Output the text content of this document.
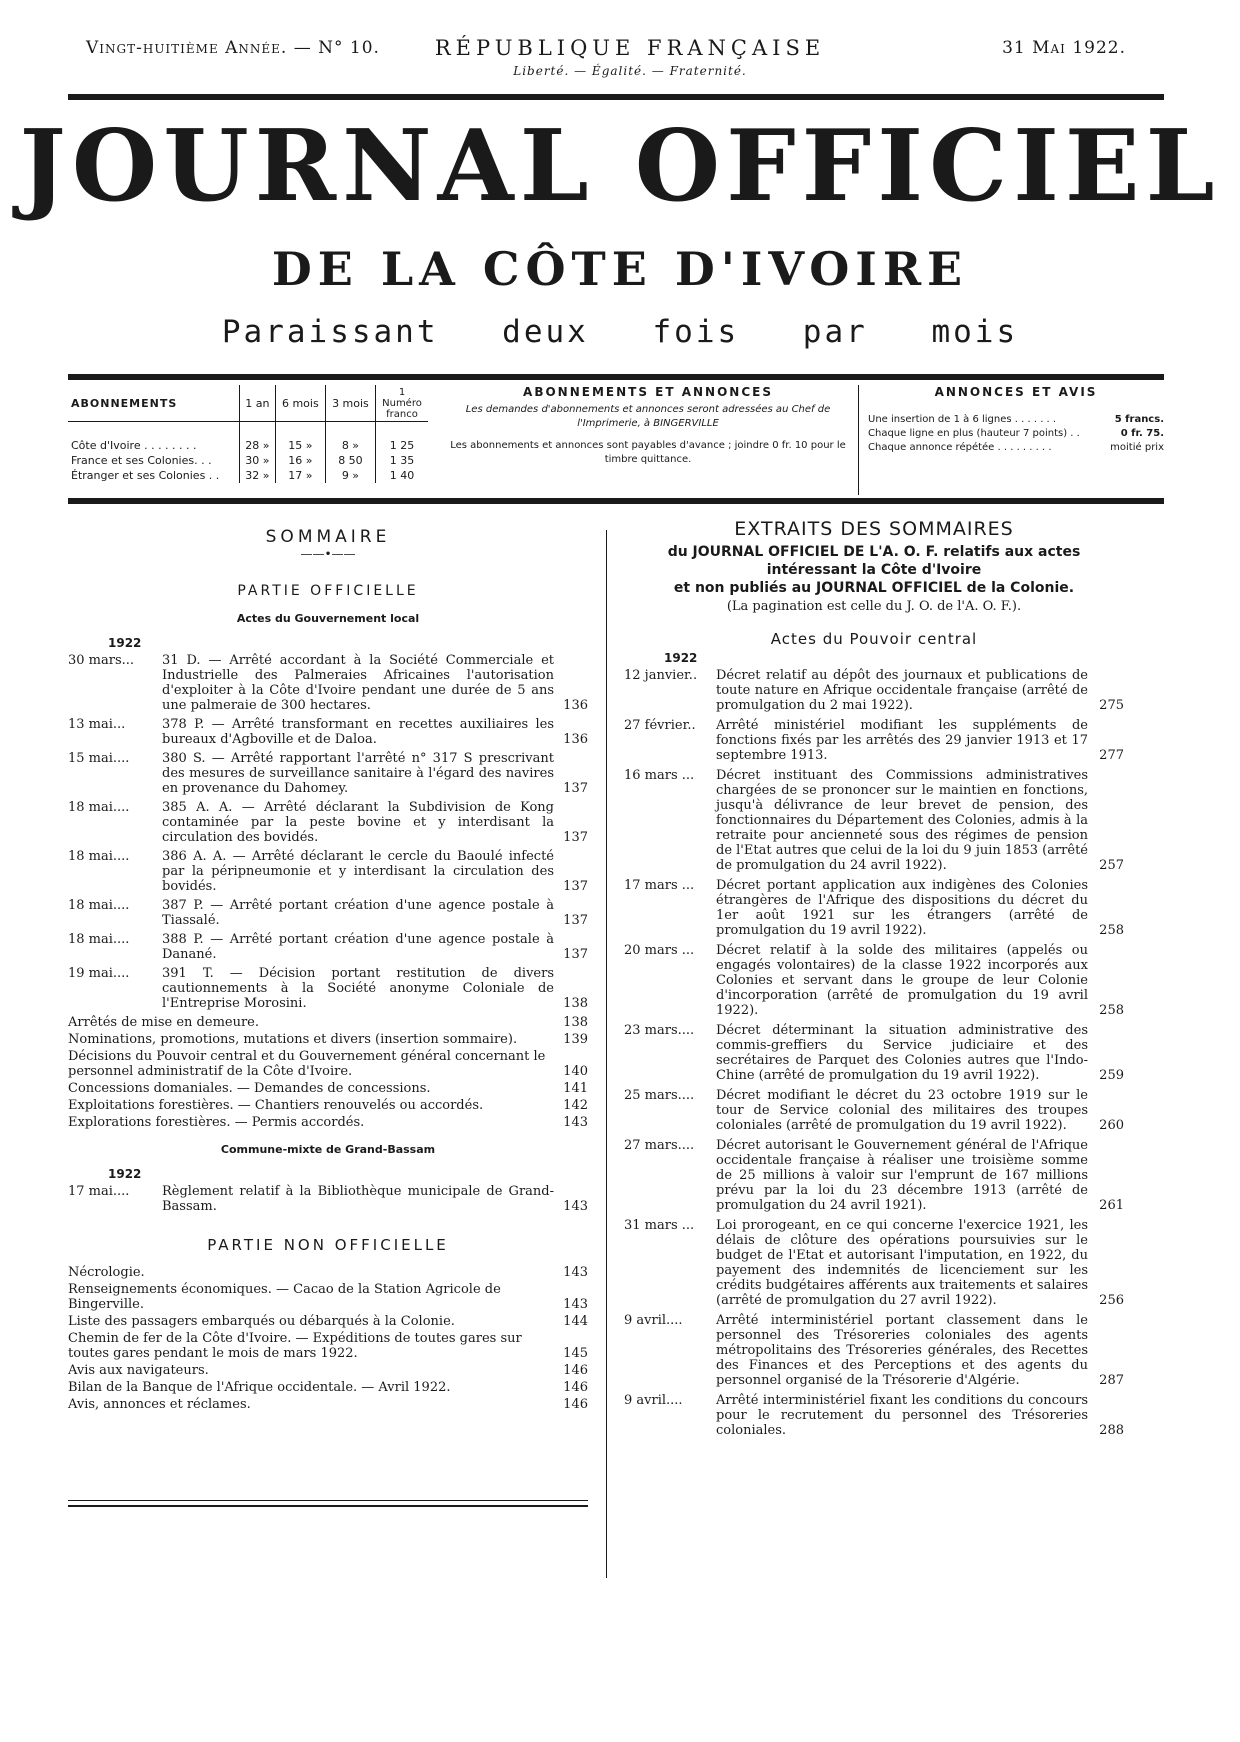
Vingt-huitième Année. — N° 10.	RÉPUBLIQUE FRANÇAISE
Liberté. — Égalité. — Fraternité.
31 Mai 1922.
JOURNAL OFFICIEL
DE LA CÔTE D'IVOIRE
Paraissant deux fois par mois
ABONNEMENTS	1 an	6 mois	3 mois	1 Numéro franco

Côte d'Ivoire . . . . . . . .	28 »	15 »	8 »	1 25
France et ses Colonies. . .	30 »	16 »	8 50	1 35
Étranger et ses Colonies . .	32 »	17 »	9 »	1 40
ABONNEMENTS ET ANNONCES
Les demandes d'abonnements et annonces seront adressées au Chef de l'Imprimerie, à BINGERVILLE
Les abonnements et annonces sont payables d'avance ; joindre 0 fr. 10 pour le timbre quittance.
ANNONCES ET AVIS
Une insertion de 1 à 6 lignes . . . . . . .	5 francs.
Chaque ligne en plus (hauteur 7 points) . .	0 fr. 75.
Chaque annonce répétée . . . . . . . . .	moitié prix
SOMMAIRE
——•——
PARTIE OFFICIELLE
Actes du Gouvernement local
1922
30 mars...	31 D. — Arrêté accordant à la Société Commerciale et Industrielle des Palmeraies Africaines l'autorisation d'exploiter à la Côte d'Ivoire pendant une durée de 5 ans une palmeraie de 300 hectares.	136
13 mai...	378 P. — Arrêté transformant en recettes auxiliaires les bureaux d'Agboville et de Daloa.	136
15 mai....	380 S. — Arrêté rapportant l'arrêté n° 317 S prescrivant des mesures de surveillance sanitaire à l'égard des navires en provenance du Dahomey.	137
18 mai....	385 A. A. — Arrêté déclarant la Subdivision de Kong contaminée par la peste bovine et y interdisant la circulation des bovidés.	137
18 mai....	386 A. A. — Arrêté déclarant le cercle du Baoulé infecté par la péripneumonie et y interdisant la circulation des bovidés.	137
18 mai....	387 P. — Arrêté portant création d'une agence postale à Tiassalé.	137
18 mai....	388 P. — Arrêté portant création d'une agence postale à Danané.	137
19 mai....	391 T. — Décision portant restitution de divers cautionnements à la Société anonyme Coloniale de l'Entreprise Morosini.	138
Arrêtés de mise en demeure.	138
Nominations, promotions, mutations et divers (insertion sommaire).	139
Décisions du Pouvoir central et du Gouvernement général concernant le personnel administratif de la Côte d'Ivoire.	140
Concessions domaniales. — Demandes de concessions.	141
Exploitations forestières. — Chantiers renouvelés ou accordés.	142
Explorations forestières. — Permis accordés.	143
Commune-mixte de Grand-Bassam
1922
17 mai....	Règlement relatif à la Bibliothèque municipale de Grand-Bassam.	143
PARTIE NON OFFICIELLE
Nécrologie.	143
Renseignements économiques. — Cacao de la Station Agricole de Bingerville.	143
Liste des passagers embarqués ou débarqués à la Colonie.	144
Chemin de fer de la Côte d'Ivoire. — Expéditions de toutes gares sur toutes gares pendant le mois de mars 1922.	145
Avis aux navigateurs.	146
Bilan de la Banque de l'Afrique occidentale. — Avril 1922.	146
Avis, annonces et réclames.	146
EXTRAITS DES SOMMAIRES
du JOURNAL OFFICIEL DE L'A. O. F. relatifs aux actes
intéressant la Côte d'Ivoire
et non publiés au JOURNAL OFFICIEL de la Colonie.
(La pagination est celle du J. O. de l'A. O. F.).
Actes du Pouvoir central
1922
12 janvier..	Décret relatif au dépôt des journaux et publications de toute nature en Afrique occidentale française (arrêté de promulgation du 2 mai 1922).	275
27 février..	Arrêté ministériel modifiant les suppléments de fonctions fixés par les arrêtés des 29 janvier 1913 et 17 septembre 1913.	277
16 mars ...	Décret instituant des Commissions administratives chargées de se prononcer sur le maintien en fonctions, jusqu'à délivrance de leur brevet de pension, des fonctionnaires du Département des Colonies, admis à la retraite pour ancienneté sous des régimes de pension de l'Etat autres que celui de la loi du 9 juin 1853 (arrêté de promulgation du 24 avril 1922).	257
17 mars ...	Décret portant application aux indigènes des Colonies étrangères de l'Afrique des dispositions du décret du 1er août 1921 sur les étrangers (arrêté de promulgation du 19 avril 1922).	258
20 mars ...	Décret relatif à la solde des militaires (appelés ou engagés volontaires) de la classe 1922 incorporés aux Colonies et servant dans le groupe de leur Colonie d'incorporation (arrêté de promulgation du 19 avril 1922).	258
23 mars....	Décret déterminant la situation administrative des commis-greffiers du Service judiciaire et des secrétaires de Parquet des Colonies autres que l'Indo-Chine (arrêté de promulgation du 19 avril 1922).	259
25 mars....	Décret modifiant le décret du 23 octobre 1919 sur le tour de Service colonial des militaires des troupes coloniales (arrêté de promulgation du 19 avril 1922).	260
27 mars....	Décret autorisant le Gouvernement général de l'Afrique occidentale française à réaliser une troisième somme de 25 millions à valoir sur l'emprunt de 167 millions prévu par la loi du 23 décembre 1913 (arrêté de promulgation du 24 avril 1921).	261
31 mars ...	Loi prorogeant, en ce qui concerne l'exercice 1921, les délais de clôture des opérations poursuivies sur le budget de l'Etat et autorisant l'imputation, en 1922, du payement des indemnités de licenciement sur les crédits budgétaires afférents aux traitements et salaires (arrêté de promulgation du 27 avril 1922).	256
9 avril....	Arrêté interministériel portant classement dans le personnel des Trésoreries coloniales des agents métropolitains des Trésoreries générales, des Recettes des Finances et des Perceptions et des agents du personnel organisé de la Trésorerie d'Algérie.	287
9 avril....	Arrêté interministériel fixant les conditions du concours pour le recrutement du personnel des Trésoreries coloniales.	288
